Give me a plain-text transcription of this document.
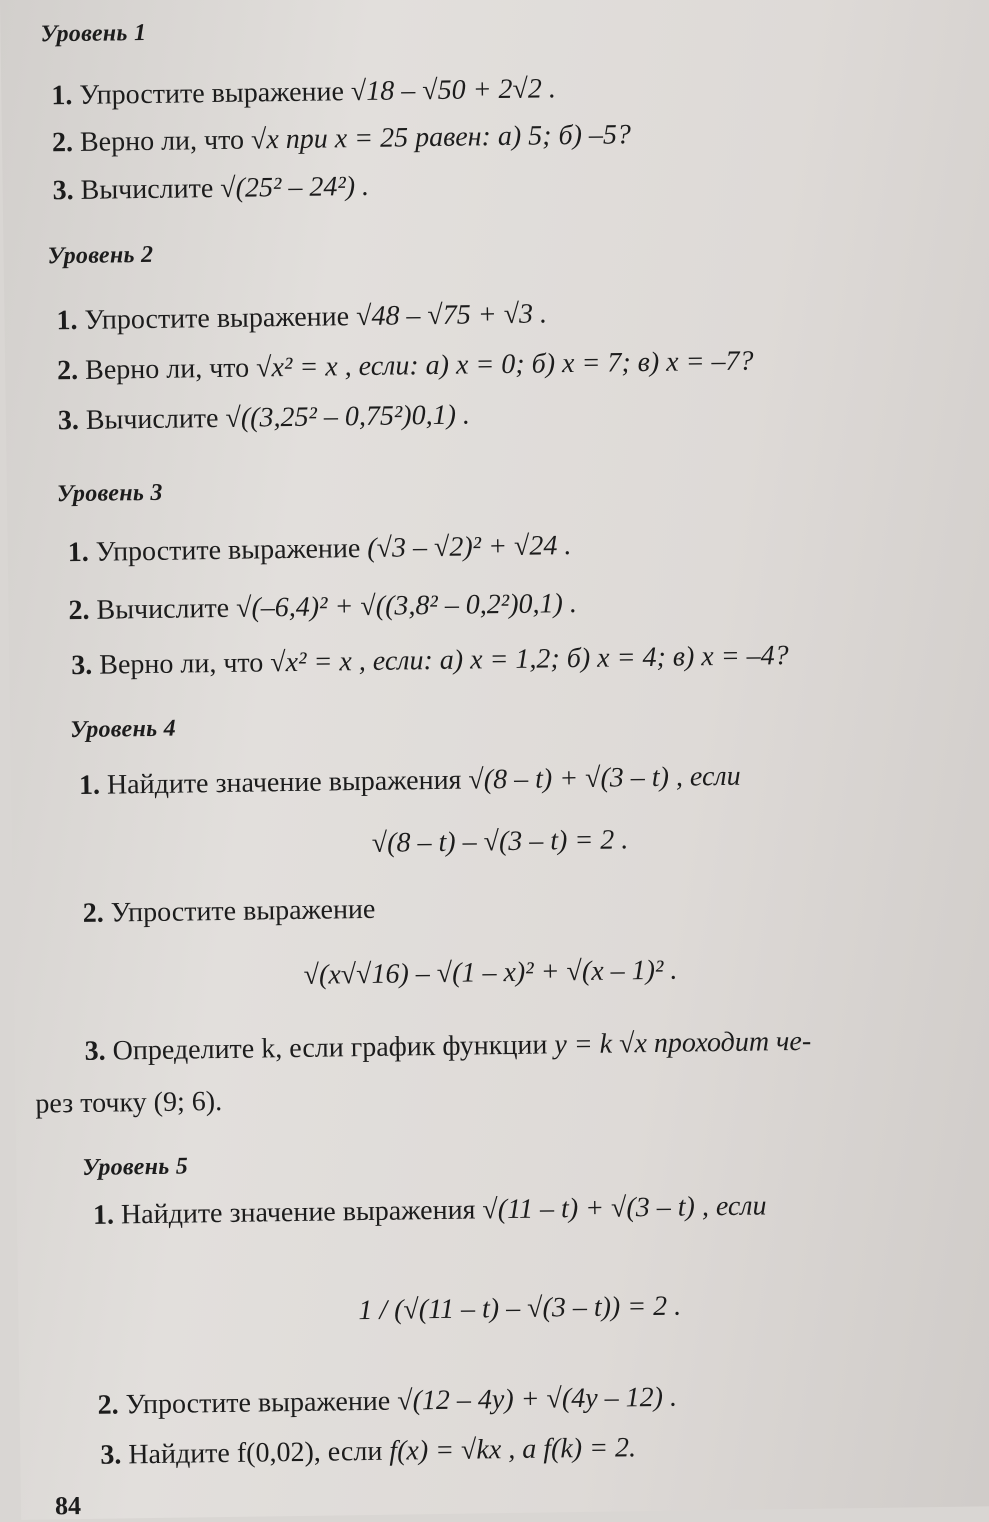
Уровень 1
1. Упростите выражение √18 – √50 + 2√2 .
2. Верно ли, что √x при x = 25 равен: а) 5; б) –5?
3. Вычислите √(25² – 24²) .
Уровень 2
1. Упростите выражение √48 – √75 + √3 .
2. Верно ли, что √x² = x , если: а) x = 0; б) x = 7; в) x = –7?
3. Вычислите √((3,25² – 0,75²)0,1) .
Уровень 3
1. Упростите выражение (√3 – √2)² + √24 .
2. Вычислите √(–6,4)² + √((3,8² – 0,2²)0,1) .
3. Верно ли, что √x² = x , если: а) x = 1,2; б) x = 4; в) x = –4?
Уровень 4
1. Найдите значение выражения √(8 – t) + √(3 – t) , если
√(8 – t) – √(3 – t) = 2 .
2. Упростите выражение
√(x√√16) – √(1 – x)² + √(x – 1)² .
3. Определите k, если график функции y = k √x проходит че-
рез точку (9; 6).
Уровень 5
1. Найдите значение выражения √(11 – t) + √(3 – t) , если
1 / (√(11 – t) – √(3 – t)) = 2 .
2. Упростите выражение √(12 – 4y) + √(4y – 12) .
3. Найдите f(0,02), если f(x) = √kx , а f(k) = 2.
84
